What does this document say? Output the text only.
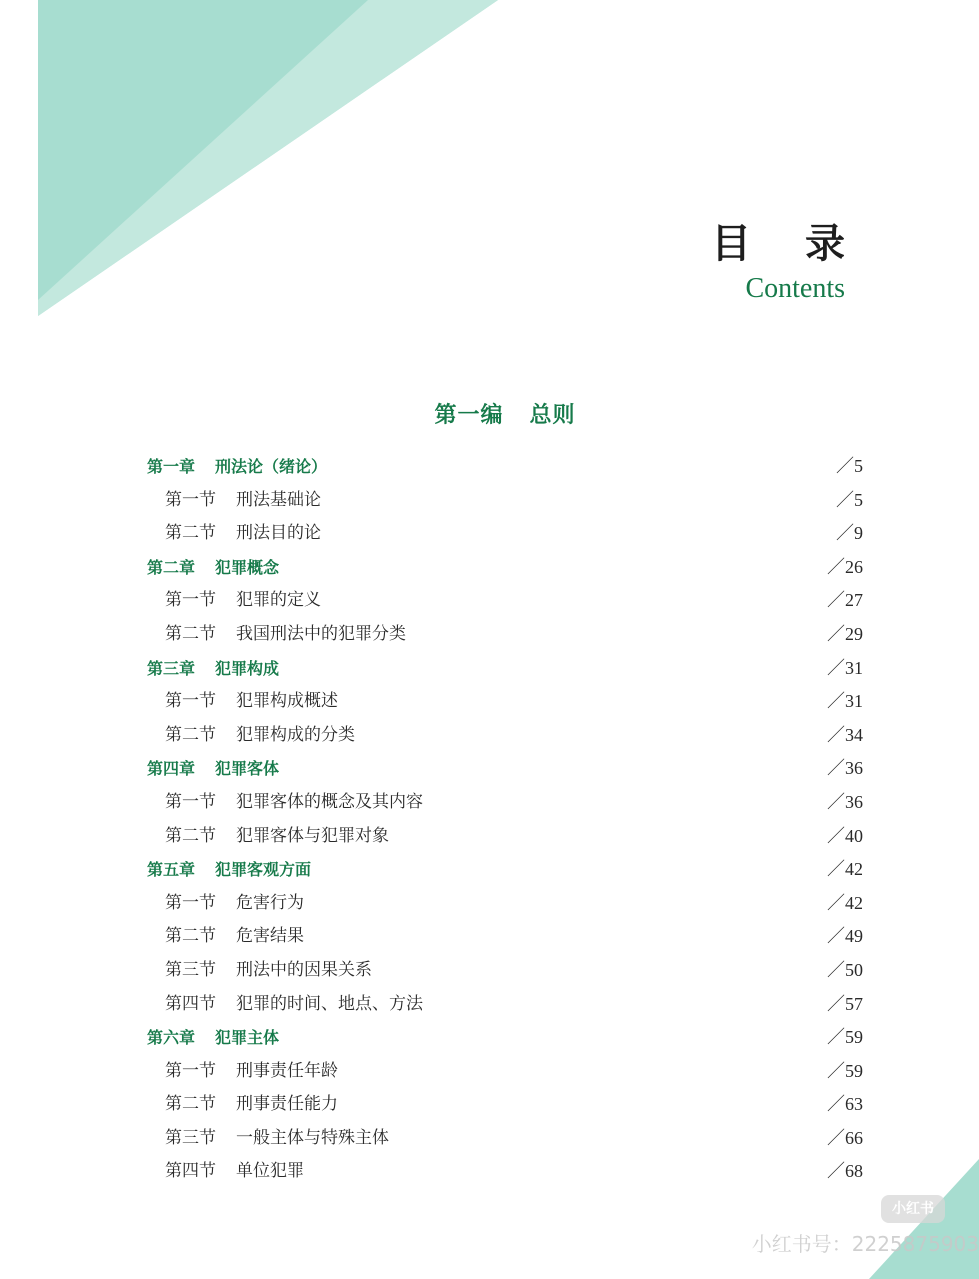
目 录
Contents
第一编 总则
第一章 刑法论（绪论）	／5
第一节 刑法基础论	／5
第二节 刑法目的论	／9
第二章 犯罪概念	／26
第一节 犯罪的定义	／27
第二节 我国刑法中的犯罪分类	／29
第三章 犯罪构成	／31
第一节 犯罪构成概述	／31
第二节 犯罪构成的分类	／34
第四章 犯罪客体	／36
第一节 犯罪客体的概念及其内容	／36
第二节 犯罪客体与犯罪对象	／40
第五章 犯罪客观方面	／42
第一节 危害行为	／42
第二节 危害结果	／49
第三节 刑法中的因果关系	／50
第四节 犯罪的时间、地点、方法	／57
第六章 犯罪主体	／59
第一节 刑事责任年龄	／59
第二节 刑事责任能力	／63
第三节 一般主体与特殊主体	／66
第四节 单位犯罪	／68
小红书
小红书号：2225875903
